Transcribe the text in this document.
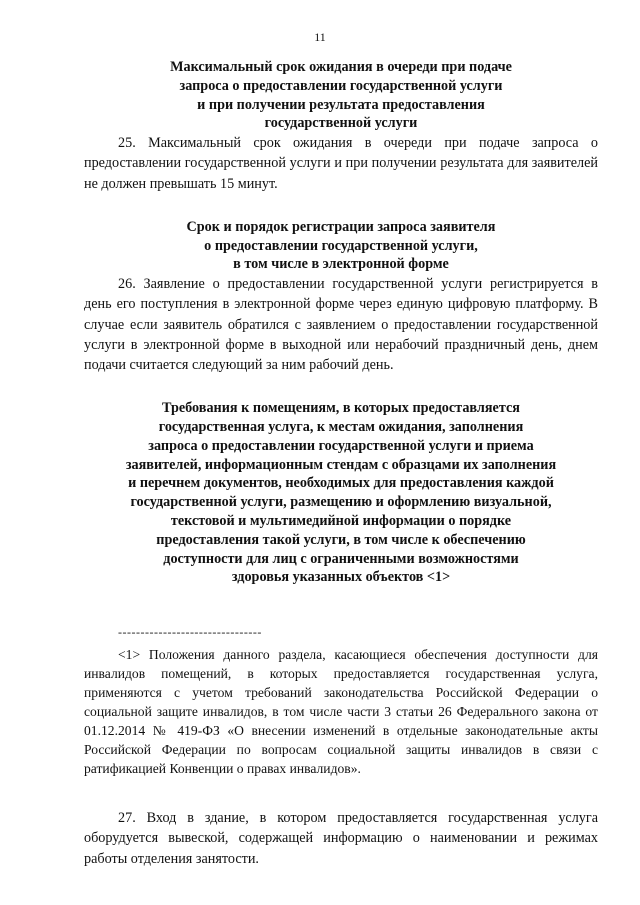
11
Максимальный срок ожидания в очереди при подаче
запроса о предоставлении государственной услуги
и при получении результата предоставления
государственной услуги

25. Максимальный срок ожидания в очереди при подаче запроса о предоставлении государственной услуги и при получении результата для заявителей не должен превышать 15 минут.

Срок и порядок регистрации запроса заявителя
о предоставлении государственной услуги,
в том числе в электронной форме

26. Заявление о предоставлении государственной услуги регистрируется в день его поступления в электронной форме через единую цифровую платформу. В случае если заявитель обратился с заявлением о предоставлении государственной услуги в электронной форме в выходной или нерабочий праздничный день, днем подачи считается следующий за ним рабочий день.

Требования к помещениям, в которых предоставляется
государственная услуга, к местам ожидания, заполнения
запроса о предоставлении государственной услуги и приема
заявителей, информационным стендам с образцами их заполнения
и перечнем документов, необходимых для предоставления каждой
государственной услуги, размещению и оформлению визуальной,
текстовой и мультимедийной информации о порядке
предоставления такой услуги, в том числе к обеспечению
доступности для лиц с ограниченными возможностями
здоровья указанных объектов <1>

--------------------------------

<1> Положения данного раздела, касающиеся обеспечения доступности для инвалидов помещений, в которых предоставляется государственная услуга, применяются с учетом требований законодательства Российской Федерации о социальной защите инвалидов, в том числе части 3 статьи 26 Федерального закона от 01.12.2014 № 419-ФЗ «О внесении изменений в отдельные законодательные акты Российской Федерации по вопросам социальной защиты инвалидов в связи с ратификацией Конвенции о правах инвалидов».

27. Вход в здание, в котором предоставляется государственная услуга оборудуется вывеской, содержащей информацию о наименовании и режимах работы отделения занятости.
